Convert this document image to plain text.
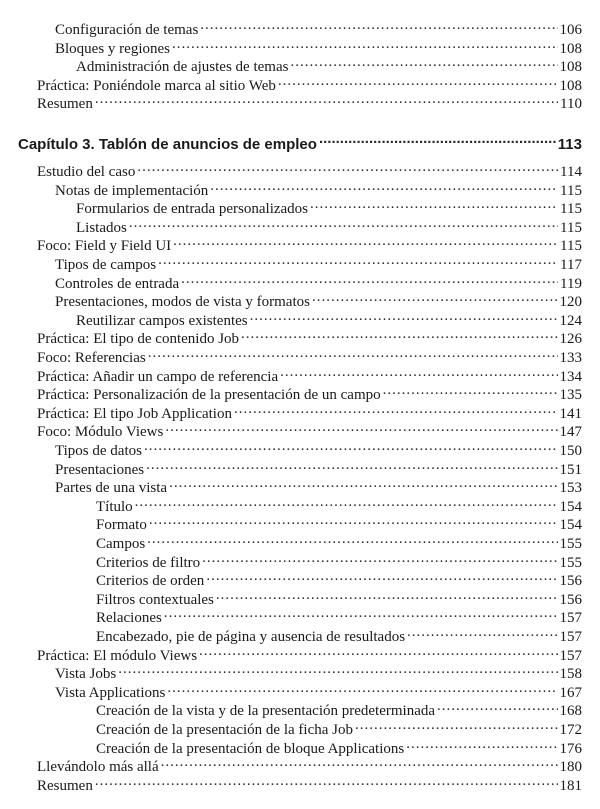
Configuración de temas .....	106
Bloques y regiones .....	108
Administración de ajustes de temas .....	108
Práctica: Poniéndole marca al sitio Web .....	108
Resumen .....	110
Capítulo 3. Tablón de anuncios de empleo .....	113
Estudio del caso .....	114
Notas de implementación .....	115
Formularios de entrada personalizados .....	115
Listados .....	115
Foco: Field y Field UI .....	115
Tipos de campos .....	117
Controles de entrada .....	119
Presentaciones, modos de vista y formatos .....	120
Reutilizar campos existentes .....	124
Práctica: El tipo de contenido Job .....	126
Foco: Referencias .....	133
Práctica: Añadir un campo de referencia .....	134
Práctica: Personalización de la presentación de un campo .....	135
Práctica: El tipo Job Application .....	141
Foco: Módulo Views .....	147
Tipos de datos .....	150
Presentaciones .....	151
Partes de una vista .....	153
Título .....	154
Formato .....	154
Campos .....	155
Criterios de filtro .....	155
Criterios de orden .....	156
Filtros contextuales .....	156
Relaciones .....	157
Encabezado, pie de página y ausencia de resultados .....	157
Práctica: El módulo Views .....	157
Vista Jobs .....	158
Vista Applications .....	167
Creación de la vista y de la presentación predeterminada .....	168
Creación de la presentación de la ficha Job .....	172
Creación de la presentación de bloque Applications .....	176
Llevándolo más allá .....	180
Resumen .....	181
